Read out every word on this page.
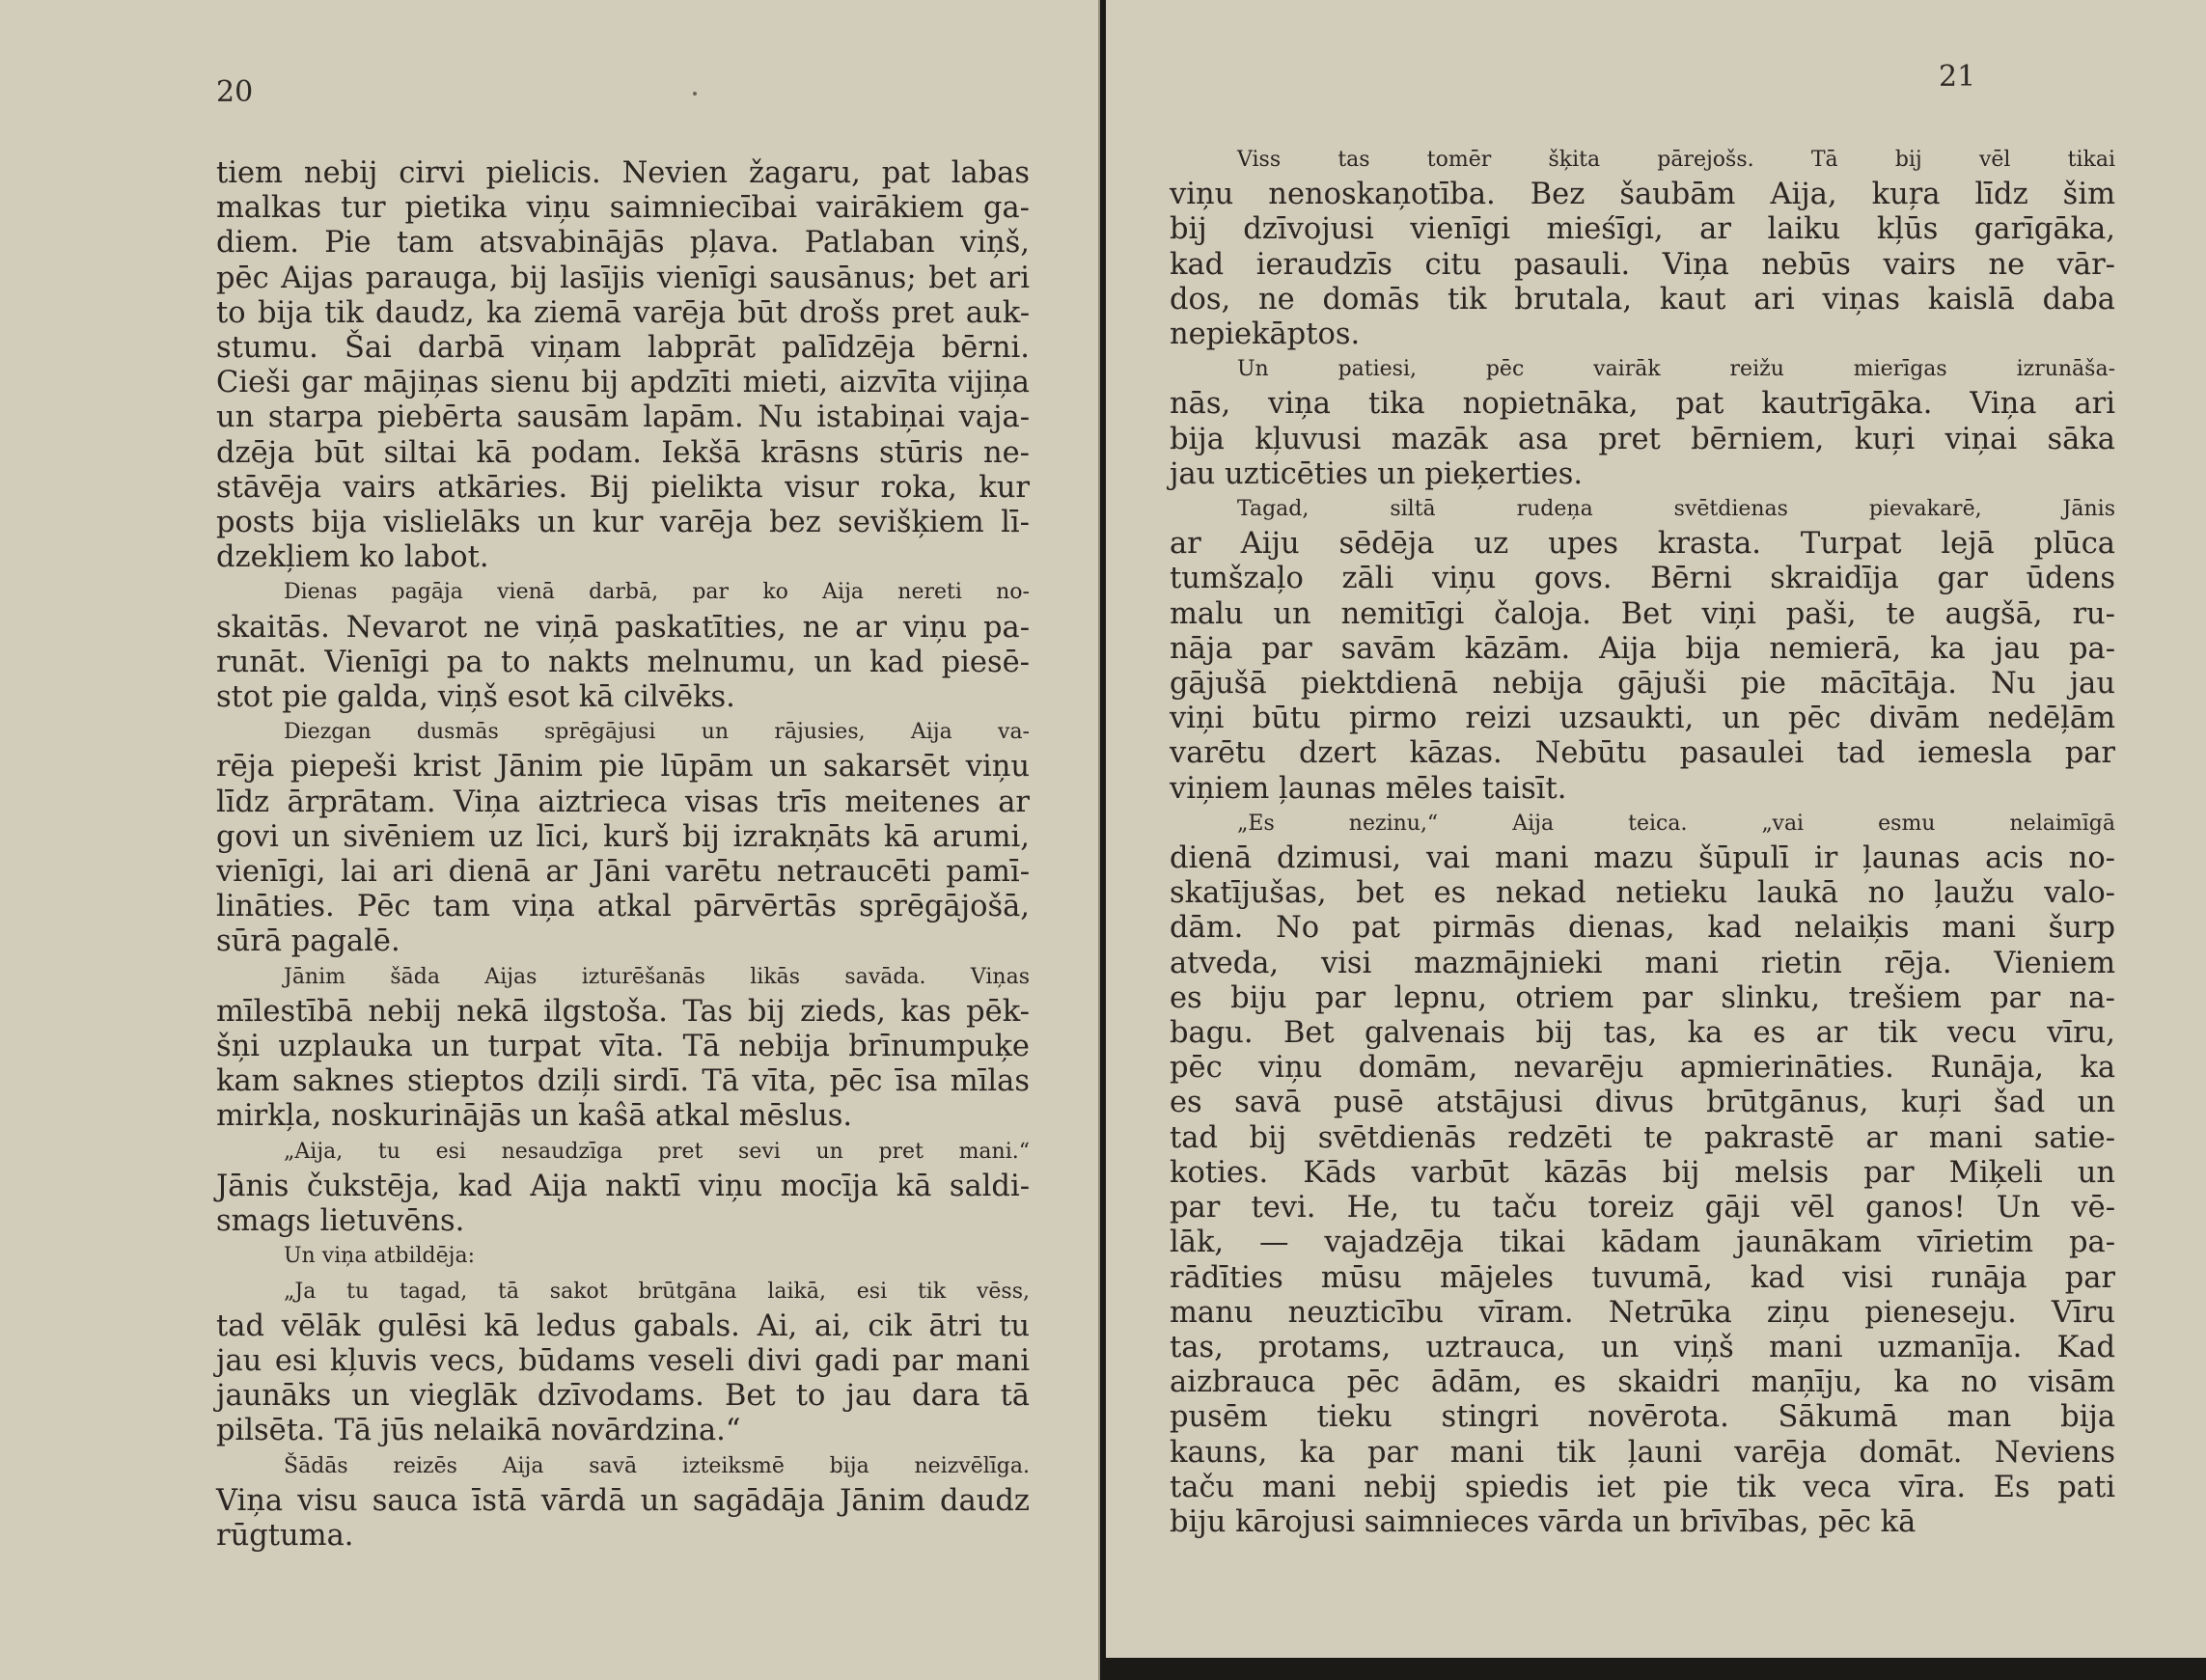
20
tiem nebij cirvi pielicis. Nevien žagaru, pat labas
malkas tur pietika viņu saimniecībai vairākiem ga-
diem. Pie tam atsvabinājās pļava. Patlaban viņš,
pēc Aijas parauga, bij lasījis vienīgi sausānus; bet ari
to bija tik daudz, ka ziemā varēja būt drošs pret auk-
stumu. Šai darbā viņam labprāt palīdzēja bērni.
Cieši gar mājiņas sienu bij apdzīti mieti, aizvīta vijiņa
un starpa piebērta sausām lapām. Nu istabiņai vaja-
dzēja būt siltai kā podam. Iekšā krāsns stūris ne-
stāvēja vairs atkāries. Bij pielikta visur roka, kur
posts bija vislielāks un kur varēja bez sevišķiem lī-
dzekļiem ko labot.
Dienas pagāja vienā darbā, par ko Aija nereti no-
skaitās. Nevarot ne viņā paskatīties, ne ar viņu pa-
runāt. Vienīgi pa to nakts melnumu, un kad piesē-
stot pie galda, viņš esot kā cilvēks.
Diezgan dusmās sprēgājusi un rājusies, Aija va-
rēja piepeši krist Jānim pie lūpām un sakarsēt viņu
līdz ārprātam. Viņa aiztrieca visas trīs meitenes ar
govi un sivēniem uz līci, kurš bij izrakņāts kā arumi,
vienīgi, lai ari dienā ar Jāni varētu netraucēti pamī-
lināties. Pēc tam viņa atkal pārvērtās sprēgājošā,
sūrā pagalē.
Jānim šāda Aijas izturēšanās likās savāda. Viņas
mīlestībā nebij nekā ilgstoša. Tas bij zieds, kas pēk-
šņi uzplauka un turpat vīta. Tā nebija brīnumpuķe
kam saknes stieptos dziļi sirdī. Tā vīta, pēc īsa mīlas
mirkļa, noskurinājās un kaŝā atkal mēslus.
„Aija, tu esi nesaudzīga pret sevi un pret mani.“
Jānis čukstēja, kad Aija naktī viņu mocīja kā saldi-
smags lietuvēns.
Un viņa atbildēja:
„Ja tu tagad, tā sakot brūtgāna laikā, esi tik vēss,
tad vēlāk gulēsi kā ledus gabals. Ai, ai, cik ātri tu
jau esi kļuvis vecs, būdams veseli divi gadi par mani
jaunāks un vieglāk dzīvodams. Bet to jau dara tā
pilsēta. Tā jūs nelaikā novārdzina.“
Šādās reizēs Aija savā izteiksmē bija neizvēlīga.
Viņa visu sauca īstā vārdā un sagādāja Jānim daudz
rūgtuma.
21
Viss tas tomēr šķita pārejošs. Tā bij vēl tikai
viņu nenoskaņotība. Bez šaubām Aija, kuŗa līdz šim
bij dzīvojusi vienīgi mieśīgi, ar laiku kļūs garīgāka,
kad ieraudzīs citu pasauli. Viņa nebūs vairs ne vār-
dos, ne domās tik brutala, kaut ari viņas kaislā daba
nepiekāptos.
Un patiesi, pēc vairāk reižu mierīgas izrunāša-
nās, viņa tika nopietnāka, pat kautrīgāka. Viņa ari
bija kļuvusi mazāk asa pret bērniem, kuŗi viņai sāka
jau uzticēties un pieķerties.
Tagad, siltā rudeņa svētdienas pievakarē, Jānis
ar Aiju sēdēja uz upes krasta. Turpat lejā plūca
tumšzaļo zāli viņu govs. Bērni skraidīja gar ūdens
malu un nemitīgi čaloja. Bet viņi paši, te augšā, ru-
nāja par savām kāzām. Aija bija nemierā, ka jau pa-
gājušā piektdienā nebija gājuši pie mācītāja. Nu jau
viņi būtu pirmo reizi uzsaukti, un pēc divām nedēļām
varētu dzert kāzas. Nebūtu pasaulei tad iemesla par
viņiem ļaunas mēles taisīt.
„Es nezinu,“ Aija teica. „vai esmu nelaimīgā
dienā dzimusi, vai mani mazu šūpulī ir ļaunas acis no-
skatījušas, bet es nekad netieku laukā no ļaužu valo-
dām. No pat pirmās dienas, kad nelaiķis mani šurp
atveda, visi mazmājnieki mani rietin rēja. Vieniem
es biju par lepnu, otriem par slinku, trešiem par na-
bagu. Bet galvenais bij tas, ka es ar tik vecu vīru,
pēc viņu domām, nevarēju apmierināties. Runāja, ka
es savā pusē atstājusi divus brūtgānus, kuŗi šad un
tad bij svētdienās redzēti te pakrastē ar mani satie-
koties. Kāds varbūt kāzās bij melsis par Miķeli un
par tevi. He, tu taču toreiz gāji vēl ganos! Un vē-
lāk, — vajadzēja tikai kādam jaunākam vīrietim pa-
rādīties mūsu mājeles tuvumā, kad visi runāja par
manu neuzticību vīram. Netrūka ziņu pieneseju. Vīru
tas, protams, uztrauca, un viņš mani uzmanīja. Kad
aizbrauca pēc ādām, es skaidri maņīju, ka no visām
pusēm tieku stingri novērota. Sākumā man bija
kauns, ka par mani tik ļauni varēja domāt. Neviens
taču mani nebij spiedis iet pie tik veca vīra. Es pati
biju kārojusi saimnieces vārda un brīvības, pēc kā
